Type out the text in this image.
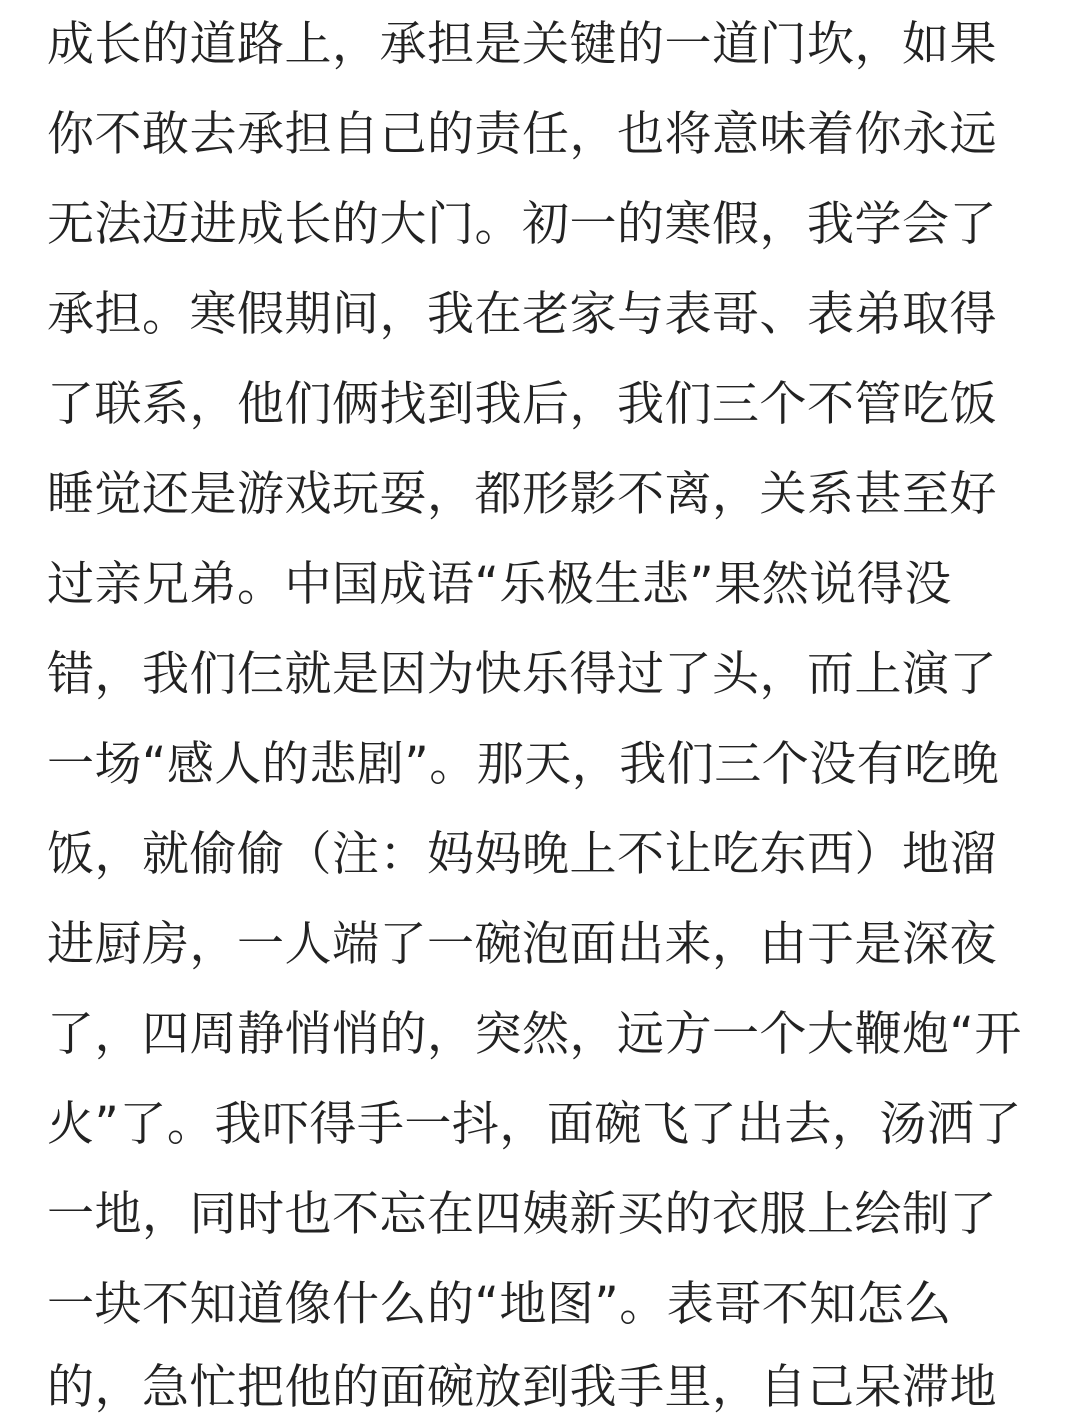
成长的道路上，承担是关键的一道门坎，如果

你不敢去承担自己的责任，也将意味着你永远

无法迈进成长的大门。初一的寒假，我学会了

承担。寒假期间，我在老家与表哥、表弟取得

了联系，他们俩找到我后，我们三个不管吃饭

睡觉还是游戏玩耍，都形影不离，关系甚至好

过亲兄弟。中国成语“乐极生悲”果然说得没

错，我们仨就是因为快乐得过了头，而上演了

一场“感人的悲剧”。那天，我们三个没有吃晚

饭，就偷偷（注：妈妈晚上不让吃东西）地溜

进厨房，一人端了一碗泡面出来，由于是深夜

了，四周静悄悄的，突然，远方一个大鞭炮“开

火”了。我吓得手一抖，面碗飞了出去，汤洒了

一地，同时也不忘在四姨新买的衣服上绘制了

一块不知道像什么的“地图”。表哥不知怎么

的，急忙把他的面碗放到我手里，自己呆滞地
